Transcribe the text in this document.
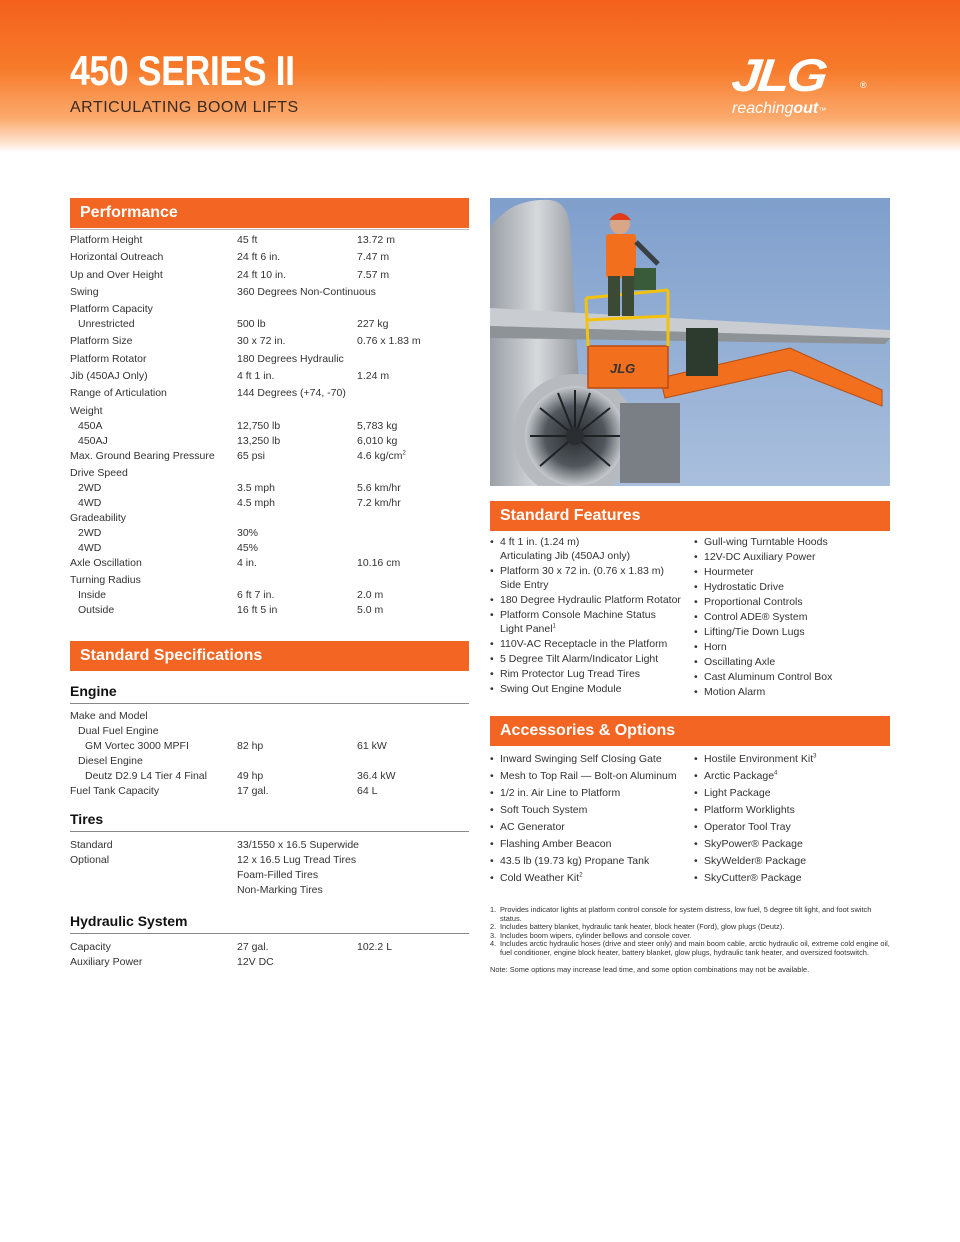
450 SERIES II
ARTICULATING BOOM LIFTS
JLG	®
reachingout™
Performance
Platform Height	45 ft	13.72 m
Horizontal Outreach	24 ft 6 in.	7.47 m
Up and Over Height	24 ft 10 in.	7.57 m
Swing	360 Degrees Non-Continuous
Platform Capacity
Unrestricted	500 lb	227 kg
Platform Size	30 x 72 in.	0.76 x 1.83 m
Platform Rotator	180 Degrees Hydraulic
Jib (450AJ Only)	4 ft 1 in.	1.24 m
Range of Articulation	144 Degrees (+74, -70)
Weight
450A	12,750 lb	5,783 kg
450AJ	13,250 lb	6,010 kg
Max. Ground Bearing Pressure 65 psi	4.6 $kg/cm^2$
Drive Speed
2WD	3.5 mph	5.6 km/hr
4WD	4.5 mph	7.2 km/hr
Gradeability
2WD	30%
4WD	45%
Axle Oscillation	4 in.	10.16 cm
Turning Radius
Inside	6 ft 7 in.	2.0 m
Outside	16 ft 5 in	5.0 m
Standard Specifications
Engine
Make and Model
Dual Fuel Engine
GM Vortec 3000 MPFI	82 hp	61 kW
Diesel Engine
Deutz D2.9 L4 Tier 4 Final	49 hp	36.4 kW
Fuel Tank Capacity	17 gal.	64 L
Tires
Standard	33/1550 x 16.5 Superwide
Optional	12 x 16.5 Lug Tread Tires
Foam-Filled Tires
Non-Marking Tires
Hydraulic System
Capacity	27 gal.	102.2 L
Auxiliary Power	12V DC
JLG
Standard Features
• 4 ft 1 in. (1.24 m)
Articulating Jib (450AJ only)
• Platform 30 x 72 in. (0.76 x 1.83 m)
Side Entry
• 180 Degree Hydraulic Platform Rotator
• Platform Console Machine Status
Light Panel$^1$
• 110V-AC Receptacle in the Platform
• 5 Degree Tilt Alarm/Indicator Light
• Rim Protector Lug Tread Tires
• Swing Out Engine Module
• Gull-wing Turntable Hoods
• 12V-DC Auxiliary Power
• Hourmeter
• Hydrostatic Drive
• Proportional Controls
• Control ADE® System
• Lifting/Tie Down Lugs
• Horn
• Oscillating Axle
• Cast Aluminum Control Box
• Motion Alarm
Accessories & Options
• Inward Swinging Self Closing Gate
• Mesh to Top Rail — Bolt-on Aluminum
• 1/2 in. Air Line to Platform
• Soft Touch System
• AC Generator
• Flashing Amber Beacon
• 43.5 lb (19.73 kg) Propane Tank
• Cold Weather Kit$^2$
• Hostile Environment Kit$^3$
• Arctic Package$^4$
• Light Package
• Platform Worklights
• Operator Tool Tray
• SkyPower® Package
• SkyWelder® Package
• SkyCutter® Package
1. Provides indicator lights at platform control console for system distress, low fuel, 5 degree tilt light, and foot switch status.
2. Includes battery blanket, hydraulic tank heater, block heater (Ford), glow plugs (Deutz).
3. Includes boom wipers, cylinder bellows and console cover.
4. Includes arctic hydraulic hoses (drive and steer only) and main boom cable, arctic hydraulic oil, extreme cold engine oil, fuel conditioner, engine block heater, battery blanket, glow plugs, hydraulic tank heater, and oversized footswitch.
Note: Some options may increase lead time, and some option combinations may not be available.
